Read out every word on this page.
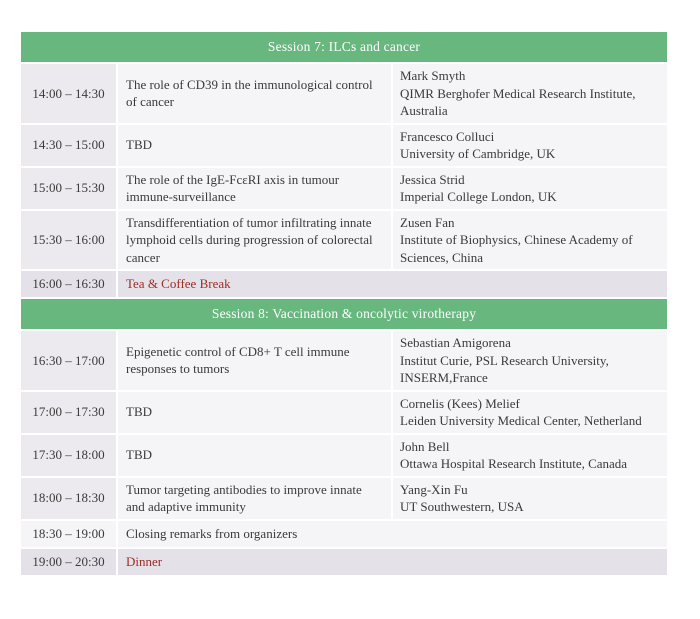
Session 7: ILCs and cancer		
14:00 – 14:30	The role of CD39 in the immunological control of cancer	Mark Smyth
QIMR Berghofer Medical Research Institute, Australia

14:30 – 15:00	TBD	Francesco Colluci
University of Cambridge, UK

15:00 – 15:30	The role of the IgE-FcεRI axis in tumour immune-surveillance	Jessica Strid
Imperial College London, UK

15:30 – 16:00	Transdifferentiation of tumor infiltrating innate lymphoid cells during progression of colorectal cancer	Zusen Fan
Institute of Biophysics, Chinese Academy of Sciences, China

16:00 – 16:30	Tea & Coffee Break	
Session 8: Vaccination & oncolytic virotherapy		
16:30 – 17:00	Epigenetic control of CD8+ T cell immune responses to tumors	Sebastian Amigorena
Institut Curie, PSL Research University, INSERM,France

17:00 – 17:30	TBD	Cornelis (Kees) Melief
Leiden University Medical Center, Netherland

17:30 – 18:00	TBD	John Bell
Ottawa Hospital Research Institute, Canada

18:00 – 18:30	Tumor targeting antibodies to improve innate and adaptive immunity	Yang-Xin Fu
UT Southwestern, USA

18:30 – 19:00	Closing remarks from organizers	
19:00 – 20:30	Dinner	
